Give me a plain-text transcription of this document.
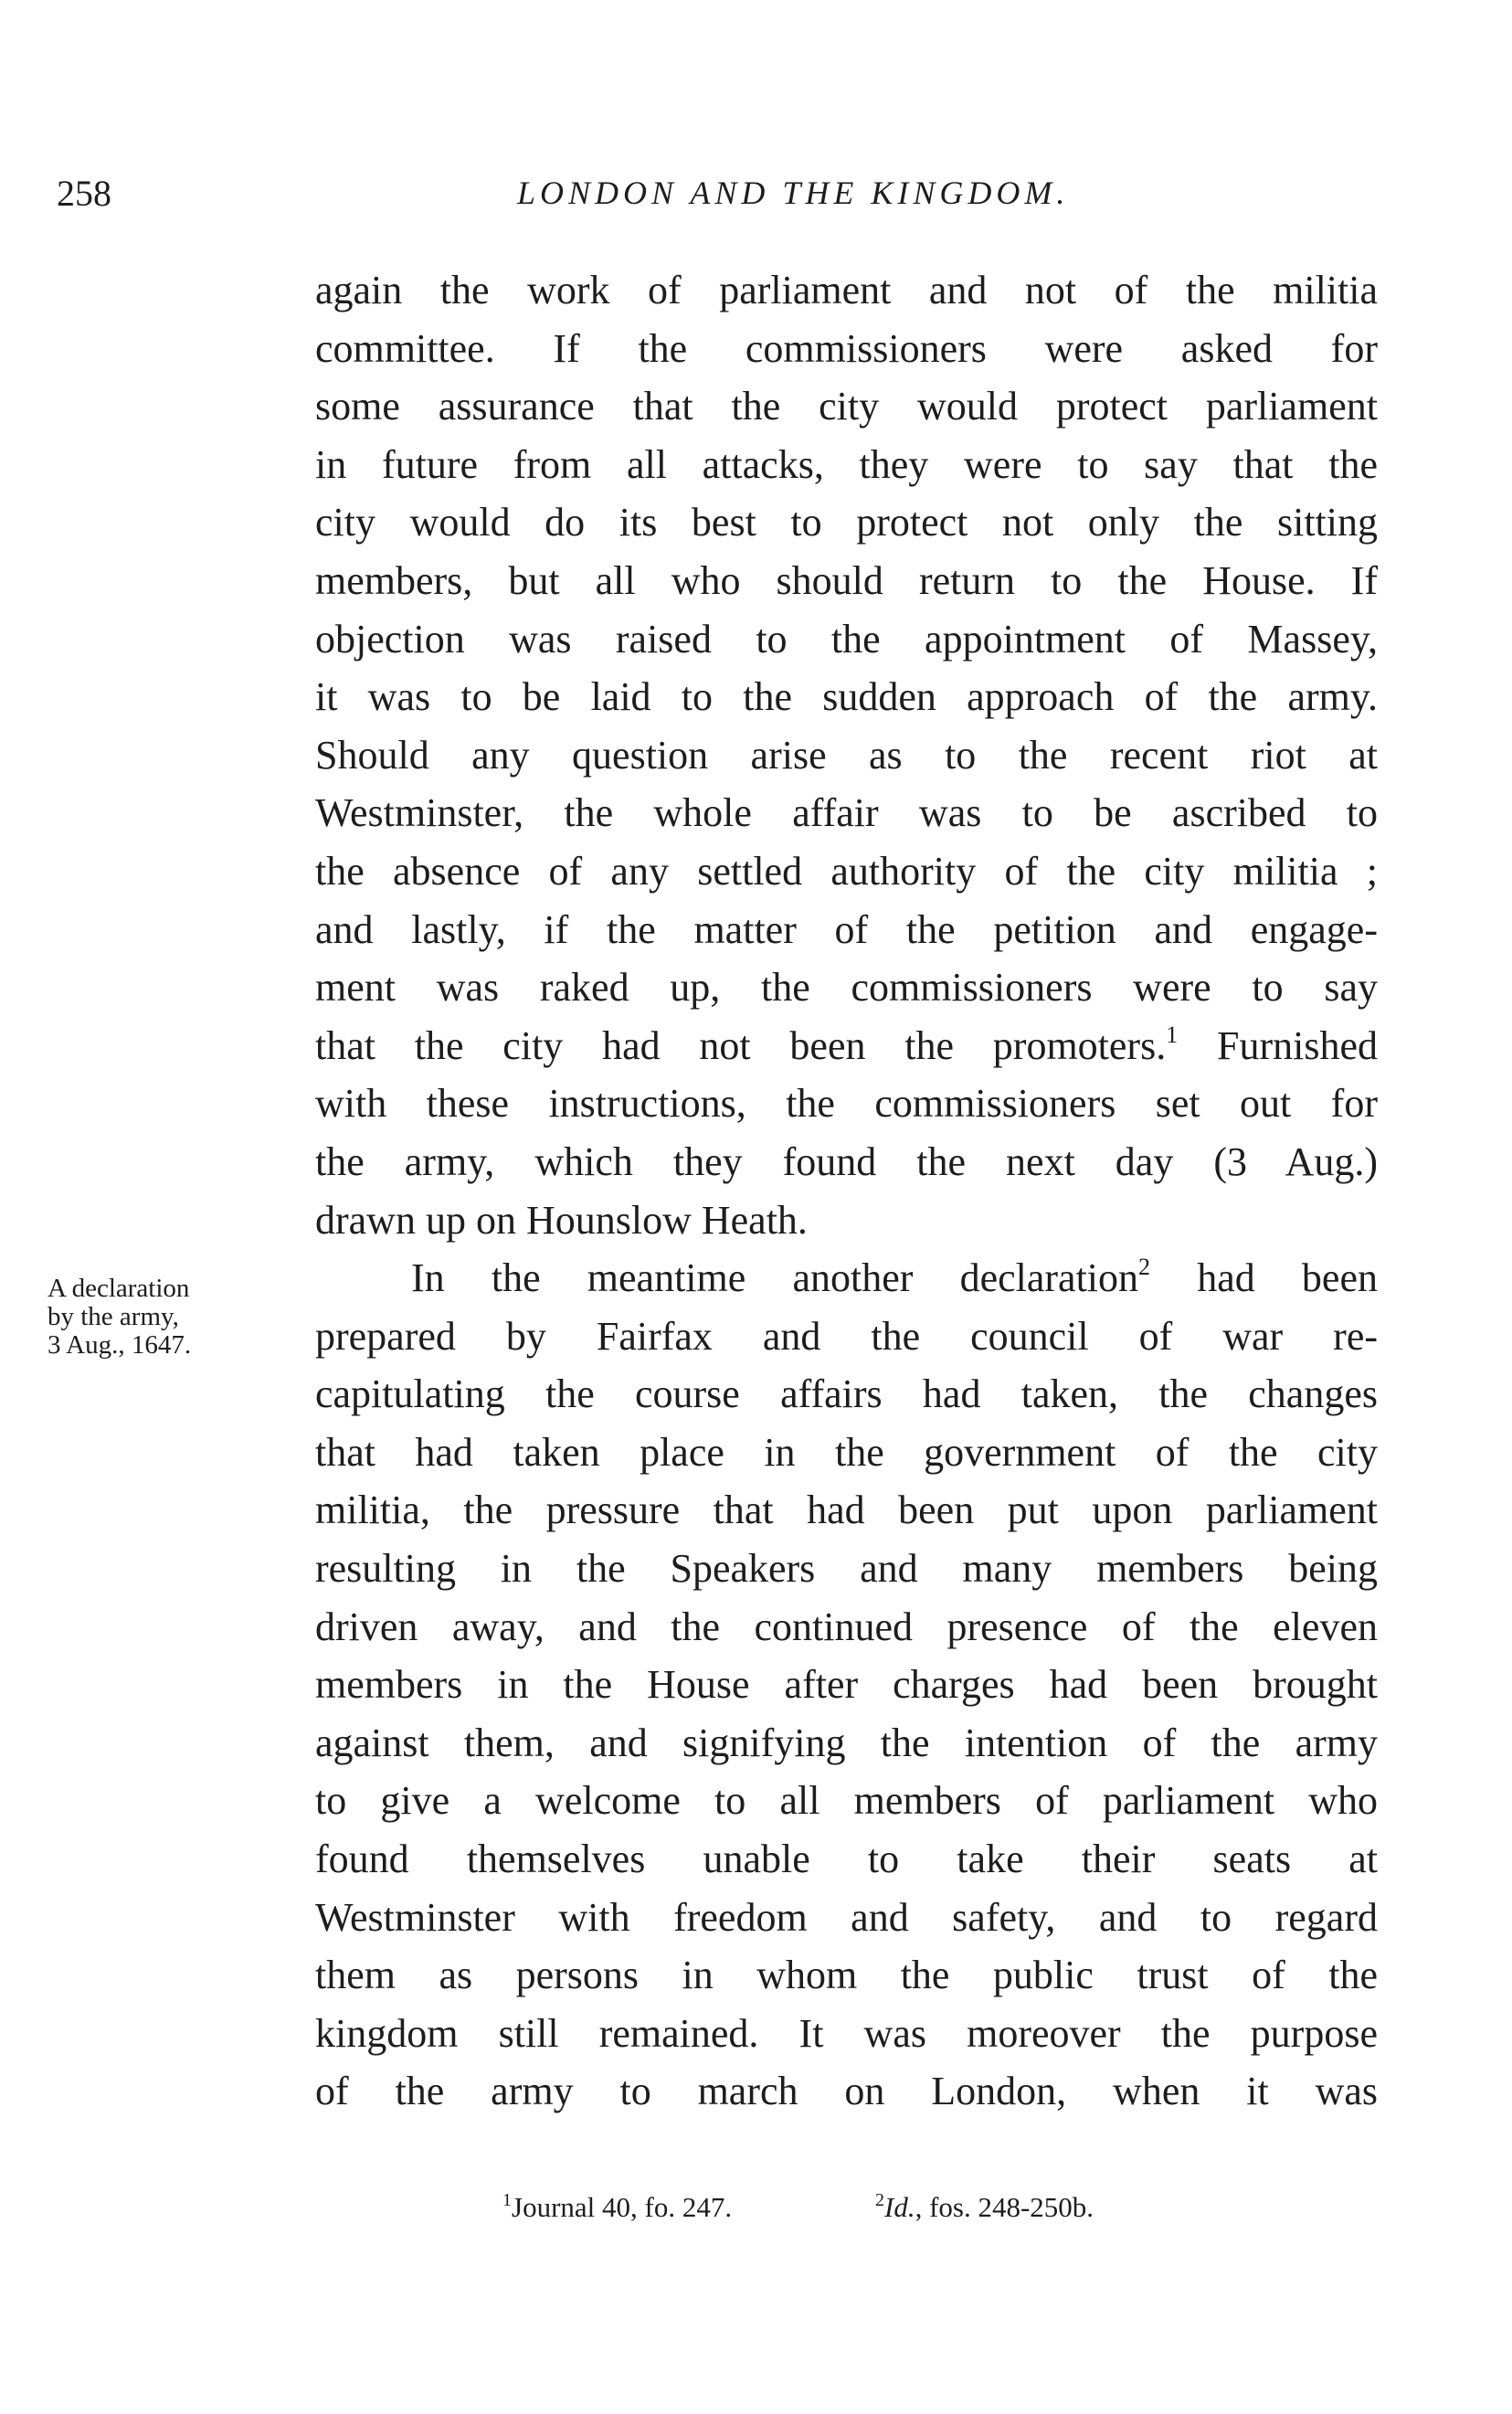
258	LONDON AND THE KINGDOM.
A declaration
by the army,
3 Aug., 1647.
again the work of parliament and not of the militia
committee. If the commissioners were asked for
some assurance that the city would protect parliament
in future from all attacks, they were to say that the
city would do its best to protect not only the sitting
members, but all who should return to the House. If
objection was raised to the appointment of Massey,
it was to be laid to the sudden approach of the army.
Should any question arise as to the recent riot at
Westminster, the whole affair was to be ascribed to
the absence of any settled authority of the city militia ;
and lastly, if the matter of the petition and engage-
ment was raked up, the commissioners were to say
that the city had not been the promoters.$^1$ Furnished
with these instructions, the commissioners set out for
the army, which they found the next day (3 Aug.)
drawn up on Hounslow Heath.
In the meantime another declaration$^2$ had been
prepared by Fairfax and the council of war re-
capitulating the course affairs had taken, the changes
that had taken place in the government of the city
militia, the pressure that had been put upon parliament
resulting in the Speakers and many members being
driven away, and the continued presence of the eleven
members in the House after charges had been brought
against them, and signifying the intention of the army
to give a welcome to all members of parliament who
found themselves unable to take their seats at
Westminster with freedom and safety, and to regard
them as persons in whom the public trust of the
kingdom still remained. It was moreover the purpose
of the army to march on London, when it was
$^1$Journal 40, fo. 247.	$^2$Id., fos. 248-250b.
